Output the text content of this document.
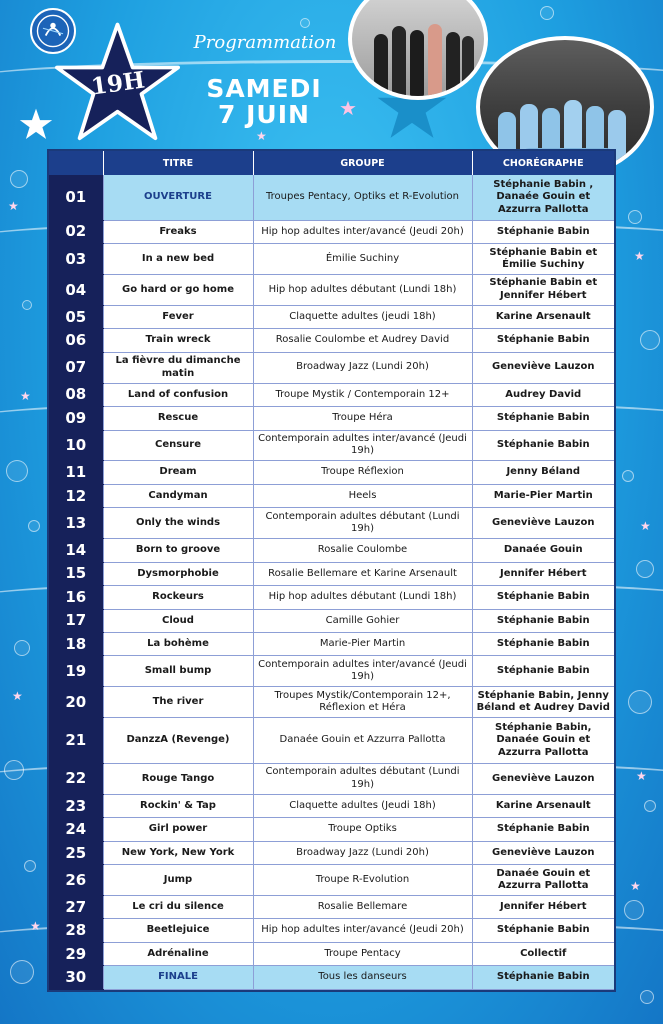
★
★
★
★
★
★
★
★
★
19H
Programmation
SAMEDI
7 JUIN
	TITRE	GROUPE	CHORÉGRAPHE
01	OUVERTURE	Troupes Pentacy, Optiks et R-Evolution	Stéphanie Babin , Danaée Gouin et Azzurra Pallotta
02	Freaks	Hip hop adultes inter/avancé (Jeudi 20h)	Stéphanie Babin
03	In a new bed	Émilie Suchiny	Stéphanie Babin et Émilie Suchiny
04	Go hard or go home	Hip hop adultes débutant (Lundi 18h)	Stéphanie Babin et Jennifer Hébert
05	Fever	Claquette adultes (jeudi 18h)	Karine Arsenault
06	Train wreck	Rosalie Coulombe et Audrey David	Stéphanie Babin
07	La fièvre du dimanche matin	Broadway Jazz (Lundi 20h)	Geneviève Lauzon
08	Land of confusion	Troupe Mystik / Contemporain 12+	Audrey David
09	Rescue	Troupe Héra	Stéphanie Babin
10	Censure	Contemporain adultes inter/avancé (Jeudi 19h)	Stéphanie Babin
11	Dream	Troupe Réflexion	Jenny Béland
12	Candyman	Heels	Marie-Pier Martin
13	Only the winds	Contemporain adultes débutant (Lundi 19h)	Geneviève Lauzon
14	Born to groove	Rosalie Coulombe	Danaée Gouin
15	Dysmorphobie	Rosalie Bellemare et Karine Arsenault	Jennifer Hébert
16	Rockeurs	Hip hop adultes débutant (Lundi 18h)	Stéphanie Babin
17	Cloud	Camille Gohier	Stéphanie Babin
18	La bohème	Marie-Pier Martin	Stéphanie Babin
19	Small bump	Contemporain adultes inter/avancé (Jeudi 19h)	Stéphanie Babin
20	The river	Troupes Mystik/Contemporain 12+, Réflexion et Héra	Stéphanie Babin, Jenny Béland et Audrey David
21	DanzzA (Revenge)	Danaée Gouin et Azzurra Pallotta	Stéphanie Babin, Danaée Gouin et Azzurra Pallotta
22	Rouge Tango	Contemporain adultes débutant (Lundi 19h)	Geneviève Lauzon
23	Rockin' & Tap	Claquette adultes (Jeudi 18h)	Karine Arsenault
24	Girl power	Troupe Optiks	Stéphanie Babin
25	New York, New York	Broadway Jazz (Lundi 20h)	Geneviève Lauzon
26	Jump	Troupe R-Evolution	Danaée Gouin et Azzurra Pallotta
27	Le cri du silence	Rosalie Bellemare	Jennifer Hébert
28	Beetlejuice	Hip hop adultes inter/avancé (Jeudi 20h)	Stéphanie Babin
29	Adrénaline	Troupe Pentacy	Collectif
30	FINALE	Tous les danseurs	Stéphanie Babin
